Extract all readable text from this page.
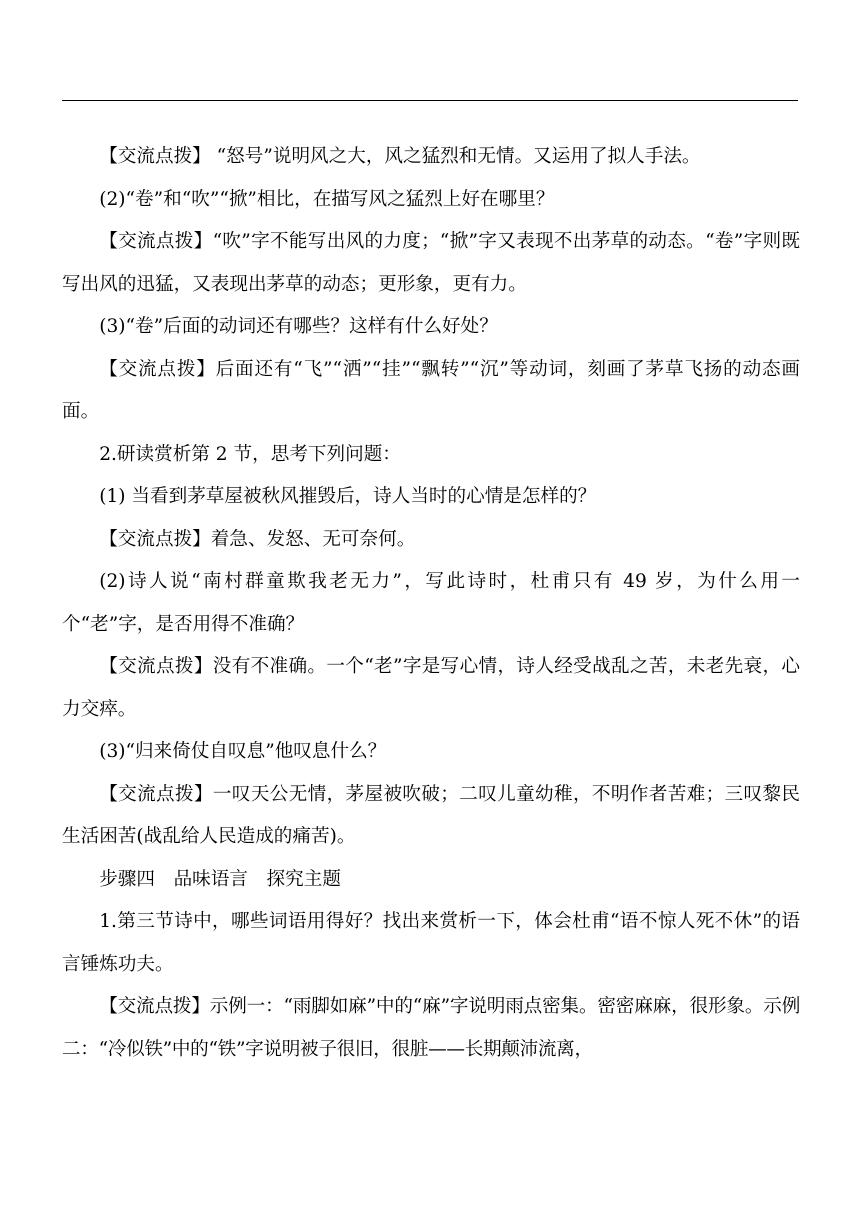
【交流点拨】 “怒号”说明风之大，风之猛烈和无情。又运用了拟人手法。

(2)“卷”和“吹”“掀”相比，在描写风之猛烈上好在哪里？

【交流点拨】“吹”字不能写出风的力度；“掀”字又表现不出茅草的动态。“卷”字则既写出风的迅猛，又表现出茅草的动态；更形象，更有力。

(3)“卷”后面的动词还有哪些？这样有什么好处？

【交流点拨】后面还有“飞”“洒”“挂”“飘转”“沉”等动词，刻画了茅草飞扬的动态画面。

2.研读赏析第 2 节，思考下列问题：

(1) 当看到茅草屋被秋风摧毁后，诗人当时的心情是怎样的？

【交流点拨】着急、发怒、无可奈何。

(2)诗人说“南村群童欺我老无力”，写此诗时，杜甫只有 49 岁，为什么用一个“老”字，是否用得不准确？

【交流点拨】没有不准确。一个“老”字是写心情，诗人经受战乱之苦，未老先衰，心力交瘁。

(3)“归来倚仗自叹息”他叹息什么？

【交流点拨】一叹天公无情，茅屋被吹破；二叹儿童幼稚，不明作者苦难；三叹黎民生活困苦(战乱给人民造成的痛苦)。

步骤四　品味语言　探究主题

1.第三节诗中，哪些词语用得好？找出来赏析一下，体会杜甫“语不惊人死不休”的语言锤炼功夫。

【交流点拨】示例一：“雨脚如麻”中的“麻”字说明雨点密集。密密麻麻，很形象。示例二：“冷似铁”中的“铁”字说明被子很旧，很脏——长期颠沛流离，
